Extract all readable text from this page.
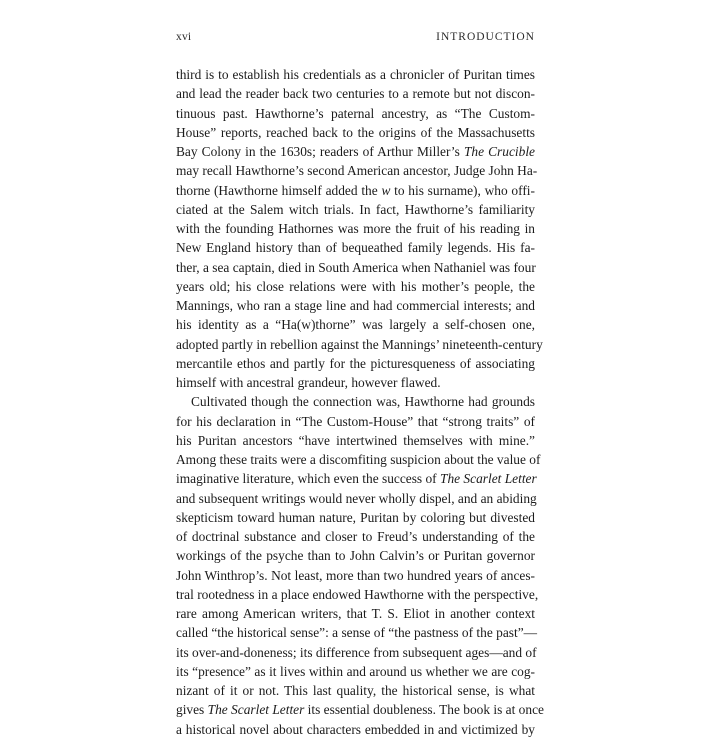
xvi	INTRODUCTION
third is to establish his credentials as a chronicler of Puritan times
and lead the reader back two centuries to a remote but not discon-
tinuous past. Hawthorne’s paternal ancestry, as “The Custom-
House” reports, reached back to the origins of the Massachusetts
Bay Colony in the 1630s; readers of Arthur Miller’s The Crucible
may recall Hawthorne’s second American ancestor, Judge John Ha-
thorne (Hawthorne himself added the w to his surname), who offi-
ciated at the Salem witch trials. In fact, Hawthorne’s familiarity
with the founding Hathornes was more the fruit of his reading in
New England history than of bequeathed family legends. His fa-
ther, a sea captain, died in South America when Nathaniel was four
years old; his close relations were with his mother’s people, the
Mannings, who ran a stage line and had commercial interests; and
his identity as a “Ha(w)thorne” was largely a self-chosen one,
adopted partly in rebellion against the Mannings’ nineteenth-century
mercantile ethos and partly for the picturesqueness of associating
himself with ancestral grandeur, however flawed.
Cultivated though the connection was, Hawthorne had grounds
for his declaration in “The Custom-House” that “strong traits” of
his Puritan ancestors “have intertwined themselves with mine.”
Among these traits were a discomfiting suspicion about the value of
imaginative literature, which even the success of The Scarlet Letter
and subsequent writings would never wholly dispel, and an abiding
skepticism toward human nature, Puritan by coloring but divested
of doctrinal substance and closer to Freud’s understanding of the
workings of the psyche than to John Calvin’s or Puritan governor
John Winthrop’s. Not least, more than two hundred years of ances-
tral rootedness in a place endowed Hawthorne with the perspective,
rare among American writers, that T. S. Eliot in another context
called “the historical sense”: a sense of “the pastness of the past”—
its over-and-doneness; its difference from subsequent ages—and of
its “presence” as it lives within and around us whether we are cog-
nizant of it or not. This last quality, the historical sense, is what
gives The Scarlet Letter its essential doubleness. The book is at once
a historical novel about characters embedded in and victimized by
